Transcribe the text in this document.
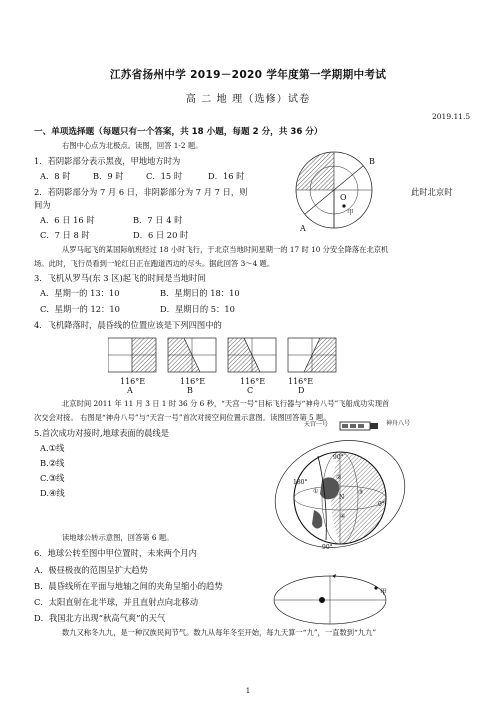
江苏省扬州中学 2019－2020 学年度第一学期期中考试
高 二 地 理（选修）试卷
2019.11.5
一、单项选择题（每题只有一个答案，共 18 小题，每题 2 分，共 36 分）
右图中心点为北极点。读图，回答 1-2 题。
1．若阴影部分表示黑夜，甲地地方时为
A．8 时	B．9 时	C．15 时	D．16 时
2．若阴影部分为 7 月 6 日，非阴影部分为 7 月 7 日，则	此时北京时
间为
A．6 日 16 时	B．7 日 4 时
C．7 日 8 时	D．6 日 20 时
B
O
A
甲
从罗马起飞的某国际航班经过 18 小时飞行，于北京当地时间星期一的 17 时 10 分安全降落在北京机
场。此时，飞行员看到一轮红日正在跑道西边的尽头。据此回答 3～4 题。
3．飞机从罗马(东 3 区)起飞的时间是当地时间
A．星期一的 13：10	B．星期日的 18：10
C．星期一的 12：10	D．星期日的 5：10
4．飞机降落时，晨昏线的位置应该是下列四图中的
116°E
A
116°E
B
116°E
C
116°E
D
北京时间 2011 年 11 月 3 日 1 时 36 分 6 秒，“天宫一号”目标飞行器与“神舟八号”飞船成功实现首
次交会对接。 右图是“神舟八号”与“天宫一号”首次对接空间位置示意图。读图回答第 5 题。
5.首次成功对接时,地球表面的晨线是
A.①线
B.②线
C.③线
D.④线
天宫一号	神舟八号
90°
180°
0°
90°
N
①
②
③
④
读地球公转示意图，回答第 6 题。
6．地球公转至图中甲位置时，未来两个月内
A．极昼极夜的范围呈扩大趋势
B．晨昏线所在平面与地轴之间的夹角呈缩小的趋势
C．太阳直射在北半球，并且直射点向北移动
D．我国北方出现“秋高气爽”的天气
甲
数九又称冬九九，是一种汉族民间节气。数九从每年冬至开始，每九天算一“九”，一直数到“九九”
1
